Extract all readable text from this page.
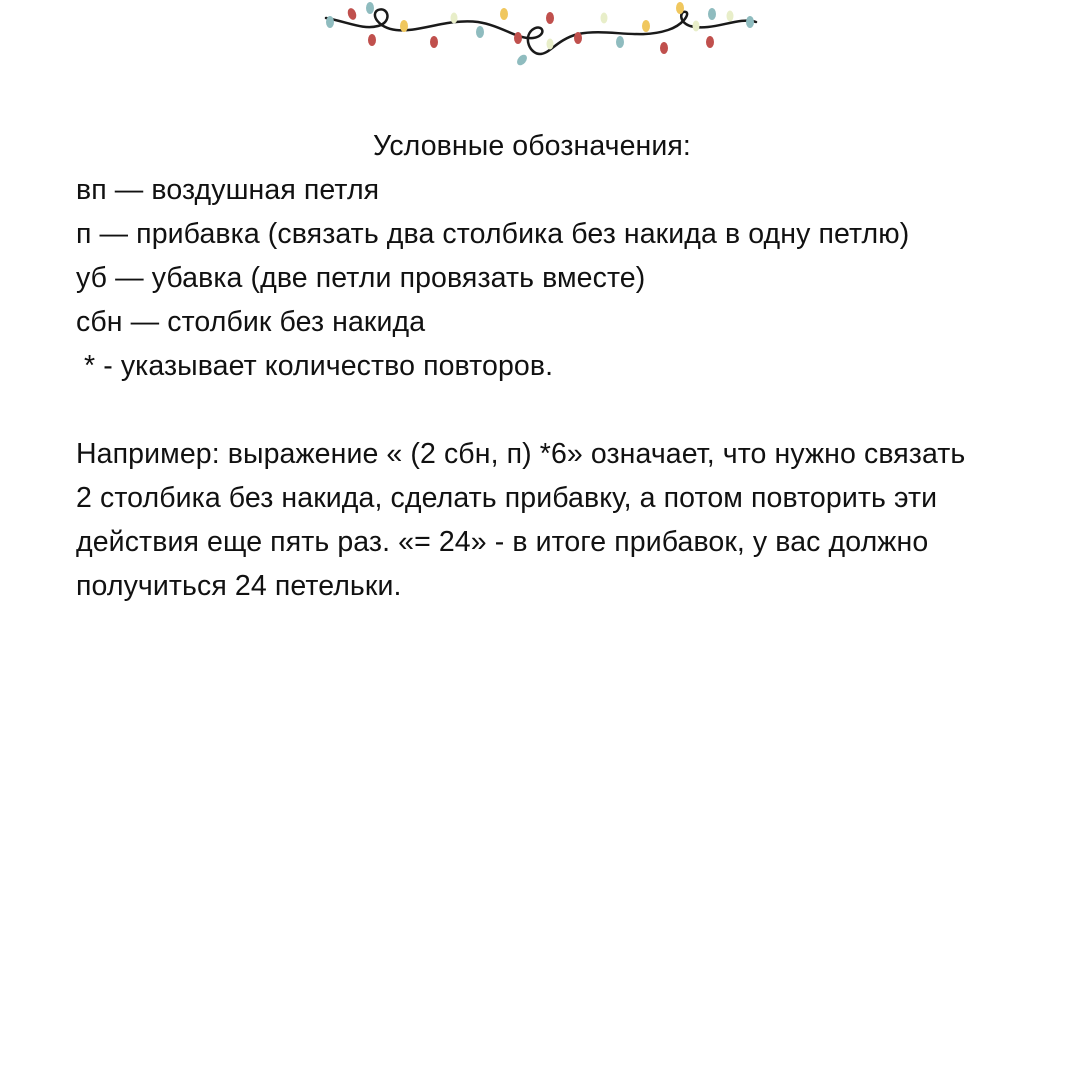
Условные обозначения:
вп — воздушная петля
п — прибавка (связать два столбика без накида в одну петлю)
уб — убавка (две петли провязать вместе)
сбн — столбик без накида
* - указывает количество повторов.
Например: выражение « (2 сбн, п) *6» означает, что нужно связать 2 столбика без накида, сделать прибавку, а потом повторить эти действия еще пять раз. «= 24» - в итоге прибавок, у вас должно получиться 24 петельки.
